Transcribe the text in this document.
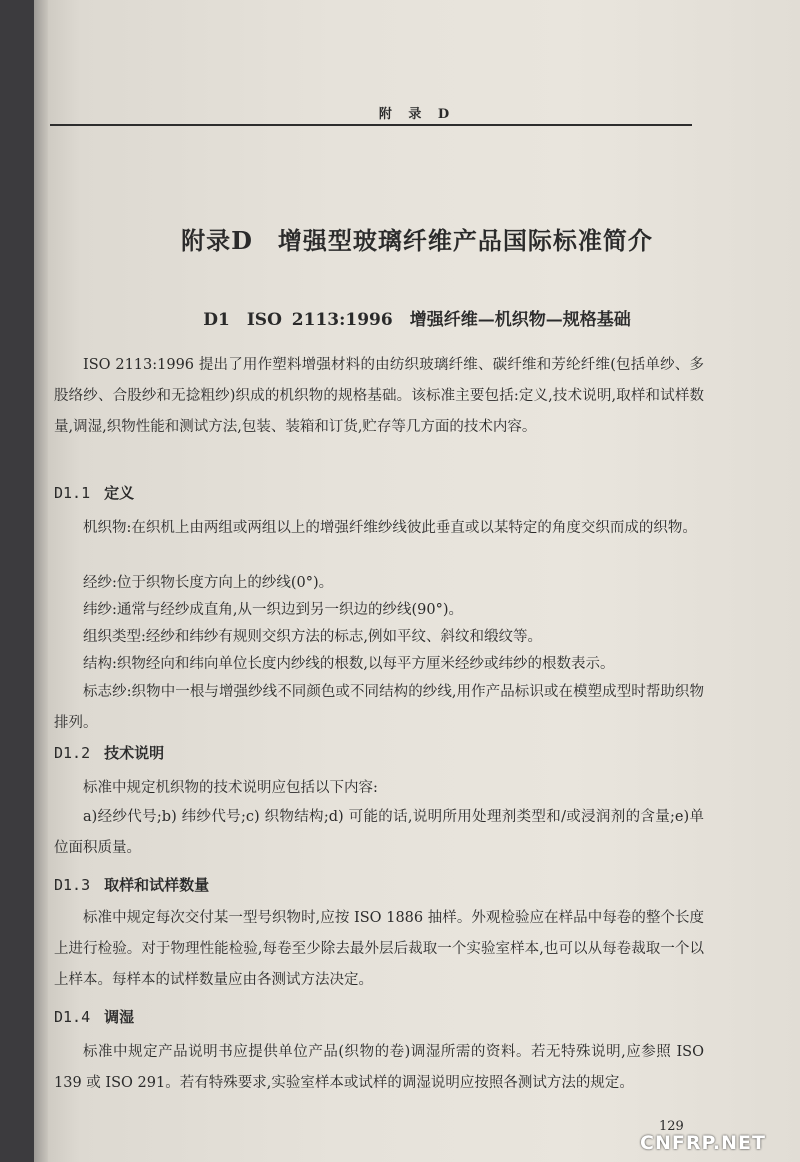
附 录 D
附录D　增强型玻璃纤维产品国际标准简介
D1　ISO 2113:1996　增强纤维—机织物—规格基础
ISO 2113:1996 提出了用作塑料增强材料的由纺织玻璃纤维、碳纤维和芳纶纤维(包括单纱、多股络纱、合股纱和无捻粗纱)织成的机织物的规格基础。该标准主要包括:定义,技术说明,取样和试样数量,调湿,织物性能和测试方法,包装、装箱和订货,贮存等几方面的技术内容。
D1.1 定义
机织物:在织机上由两组或两组以上的增强纤维纱线彼此垂直或以某特定的角度交织而成的织物。
经纱:位于织物长度方向上的纱线(0°)。
纬纱:通常与经纱成直角,从一织边到另一织边的纱线(90°)。
组织类型:经纱和纬纱有规则交织方法的标志,例如平纹、斜纹和缎纹等。
结构:织物经向和纬向单位长度内纱线的根数,以每平方厘米经纱或纬纱的根数表示。
标志纱:织物中一根与增强纱线不同颜色或不同结构的纱线,用作产品标识或在模塑成型时帮助织物排列。
D1.2 技术说明
标准中规定机织物的技术说明应包括以下内容:
a)经纱代号;b) 纬纱代号;c) 织物结构;d) 可能的话,说明所用处理剂类型和/或浸润剂的含量;e)单位面积质量。
D1.3 取样和试样数量
标准中规定每次交付某一型号织物时,应按 ISO 1886 抽样。外观检验应在样品中每卷的整个长度上进行检验。对于物理性能检验,每卷至少除去最外层后裁取一个实验室样本,也可以从每卷裁取一个以上样本。每样本的试样数量应由各测试方法决定。
D1.4 调湿
标准中规定产品说明书应提供单位产品(织物的卷)调湿所需的资料。若无特殊说明,应参照 ISO 139 或 ISO 291。若有特殊要求,实验室样本或试样的调湿说明应按照各测试方法的规定。
129
CNFRP.NET
